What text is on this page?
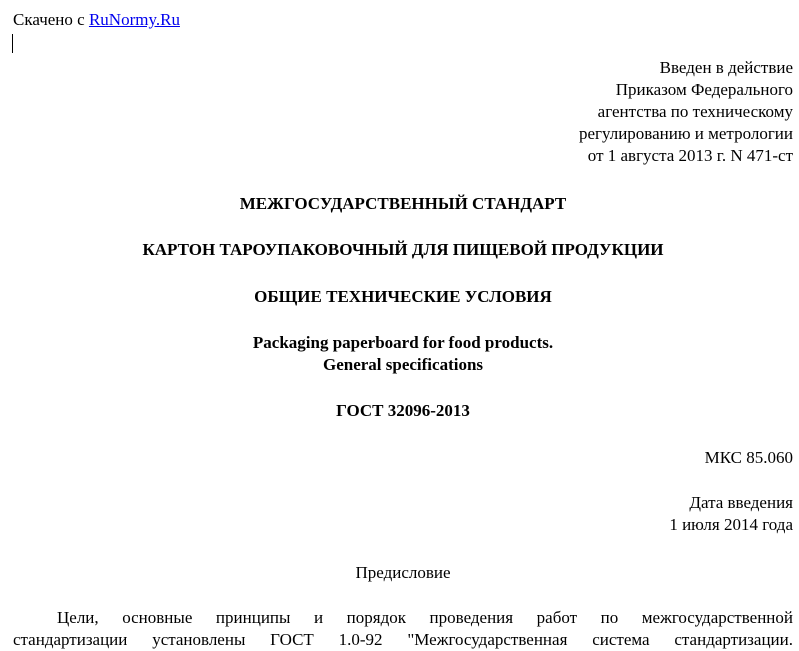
Скачено с RuNormy.Ru
Введен в действие
Приказом Федерального
агентства по техническому
регулированию и метрологии
от 1 августа 2013 г. N 471-ст
МЕЖГОСУДАРСТВЕННЫЙ СТАНДАРТ
КАРТОН ТАРОУПАКОВОЧНЫЙ ДЛЯ ПИЩЕВОЙ ПРОДУКЦИИ
ОБЩИЕ ТЕХНИЧЕСКИЕ УСЛОВИЯ
Packaging paperboard for food products.
General specifications
ГОСТ 32096-2013
МКС 85.060
Дата введения
1 июля 2014 года
Предисловие
Цели, основные принципы и порядок проведения работ по межгосударственной
стандартизации установлены ГОСТ 1.0-92 "Межгосударственная система стандартизации.
